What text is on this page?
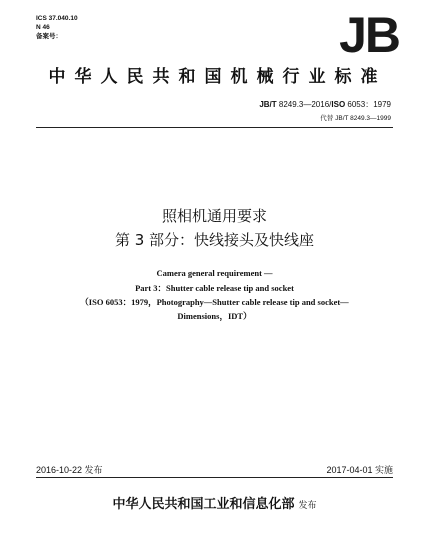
ICS 37.040.10
N 46
备案号：	JB
中华人民共和国机械行业标准
JB/T 8249.3—2016/ISO 6053：1979
代替 JB/T 8249.3—1999
照相机通用要求
第 3 部分：快线接头及快线座
Camera general requirement —
Part 3：Shutter cable release tip and socket
（ISO 6053：1979，Photography—Shutter cable release tip and socket—
Dimensions，IDT）
2016-10-22 发布	2017-04-01 实施
中华人民共和国工业和信息化部 发布
